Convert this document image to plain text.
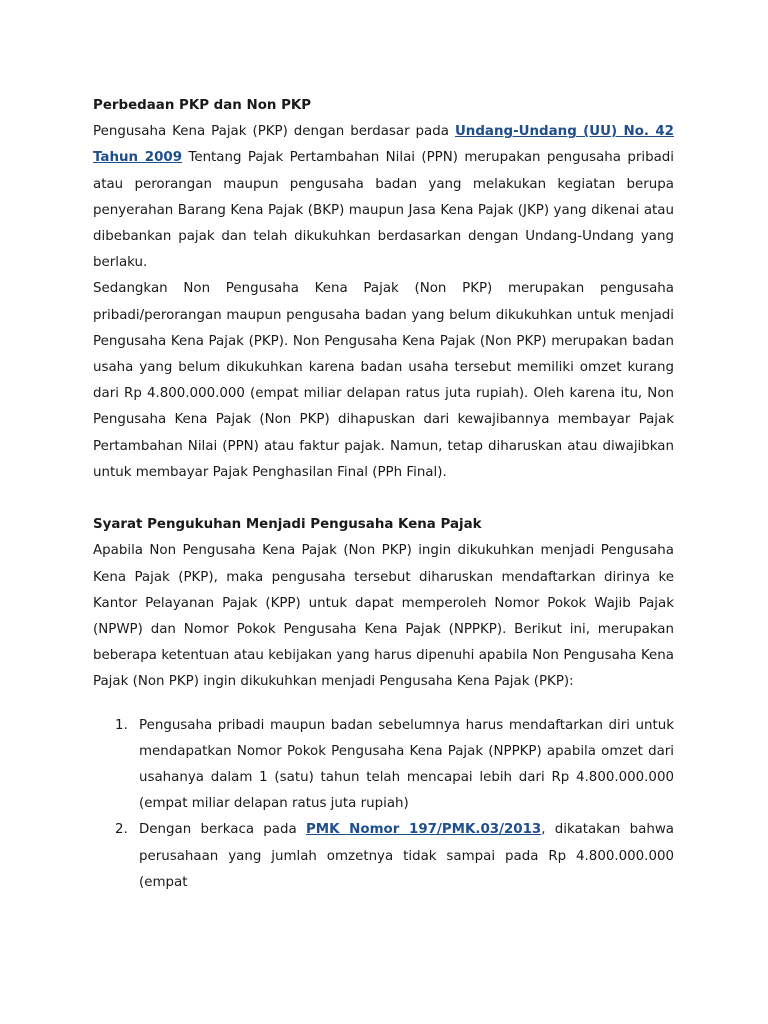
Perbedaan PKP dan Non PKP

Pengusaha Kena Pajak (PKP) dengan berdasar pada Undang-Undang (UU) No. 42 Tahun 2009 Tentang Pajak Pertambahan Nilai (PPN) merupakan pengusaha pribadi atau perorangan maupun pengusaha badan yang melakukan kegiatan berupa penyerahan Barang Kena Pajak (BKP) maupun Jasa Kena Pajak (JKP) yang dikenai atau dibebankan pajak dan telah dikukuhkan berdasarkan dengan Undang-Undang yang berlaku.

Sedangkan Non Pengusaha Kena Pajak (Non PKP) merupakan pengusaha pribadi/perorangan maupun pengusaha badan yang belum dikukuhkan untuk menjadi Pengusaha Kena Pajak (PKP). Non Pengusaha Kena Pajak (Non PKP) merupakan badan usaha yang belum dikukuhkan karena badan usaha tersebut memiliki omzet kurang dari Rp 4.800.000.000 (empat miliar delapan ratus juta rupiah). Oleh karena itu, Non Pengusaha Kena Pajak (Non PKP) dihapuskan dari kewajibannya membayar Pajak Pertambahan Nilai (PPN) atau faktur pajak. Namun, tetap diharuskan atau diwajibkan untuk membayar Pajak Penghasilan Final (PPh Final).

Syarat Pengukuhan Menjadi Pengusaha Kena Pajak

Apabila Non Pengusaha Kena Pajak (Non PKP) ingin dikukuhkan menjadi Pengusaha Kena Pajak (PKP), maka pengusaha tersebut diharuskan mendaftarkan dirinya ke Kantor Pelayanan Pajak (KPP) untuk dapat memperoleh Nomor Pokok Wajib Pajak (NPWP) dan Nomor Pokok Pengusaha Kena Pajak (NPPKP). Berikut ini, merupakan beberapa ketentuan atau kebijakan yang harus dipenuhi apabila Non Pengusaha Kena Pajak (Non PKP) ingin dikukuhkan menjadi Pengusaha Kena Pajak (PKP):

1. Pengusaha pribadi maupun badan sebelumnya harus mendaftarkan diri untuk mendapatkan Nomor Pokok Pengusaha Kena Pajak (NPPKP) apabila omzet dari usahanya dalam 1 (satu) tahun telah mencapai lebih dari Rp 4.800.000.000 (empat miliar delapan ratus juta rupiah)
2. Dengan berkaca pada PMK Nomor 197/PMK.03/2013, dikatakan bahwa perusahaan yang jumlah omzetnya tidak sampai pada Rp 4.800.000.000 (empat
